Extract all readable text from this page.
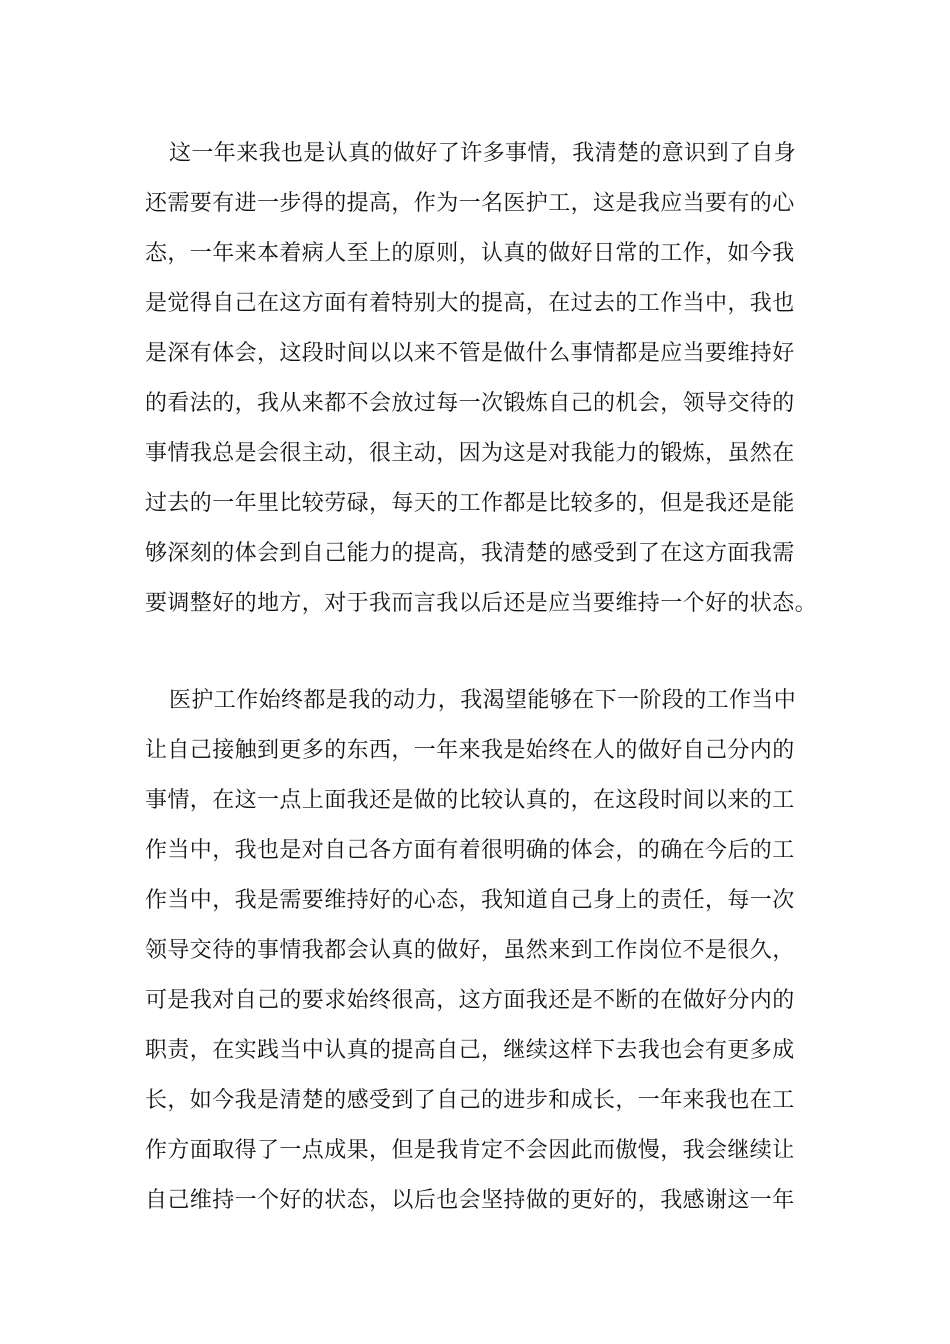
这一年来我也是认真的做好了许多事情，我清楚的意识到了自身
还需要有进一步得的提高，作为一名医护工，这是我应当要有的心
态，一年来本着病人至上的原则，认真的做好日常的工作，如今我
是觉得自己在这方面有着特别大的提高，在过去的工作当中，我也
是深有体会，这段时间以以来不管是做什么事情都是应当要维持好
的看法的，我从来都不会放过每一次锻炼自己的机会，领导交待的
事情我总是会很主动，很主动，因为这是对我能力的锻炼，虽然在
过去的一年里比较劳碌，每天的工作都是比较多的，但是我还是能
够深刻的体会到自己能力的提高，我清楚的感受到了在这方面我需
要调整好的地方，对于我而言我以后还是应当要维持一个好的状态。
医护工作始终都是我的动力，我渴望能够在下一阶段的工作当中
让自己接触到更多的东西，一年来我是始终在人的做好自己分内的
事情，在这一点上面我还是做的比较认真的，在这段时间以来的工
作当中，我也是对自己各方面有着很明确的体会，的确在今后的工
作当中，我是需要维持好的心态，我知道自己身上的责任，每一次
领导交待的事情我都会认真的做好，虽然来到工作岗位不是很久，
可是我对自己的要求始终很高，这方面我还是不断的在做好分内的
职责，在实践当中认真的提高自己，继续这样下去我也会有更多成
长，如今我是清楚的感受到了自己的进步和成长，一年来我也在工
作方面取得了一点成果，但是我肯定不会因此而傲慢，我会继续让
自己维持一个好的状态，以后也会坚持做的更好的，我感谢这一年
